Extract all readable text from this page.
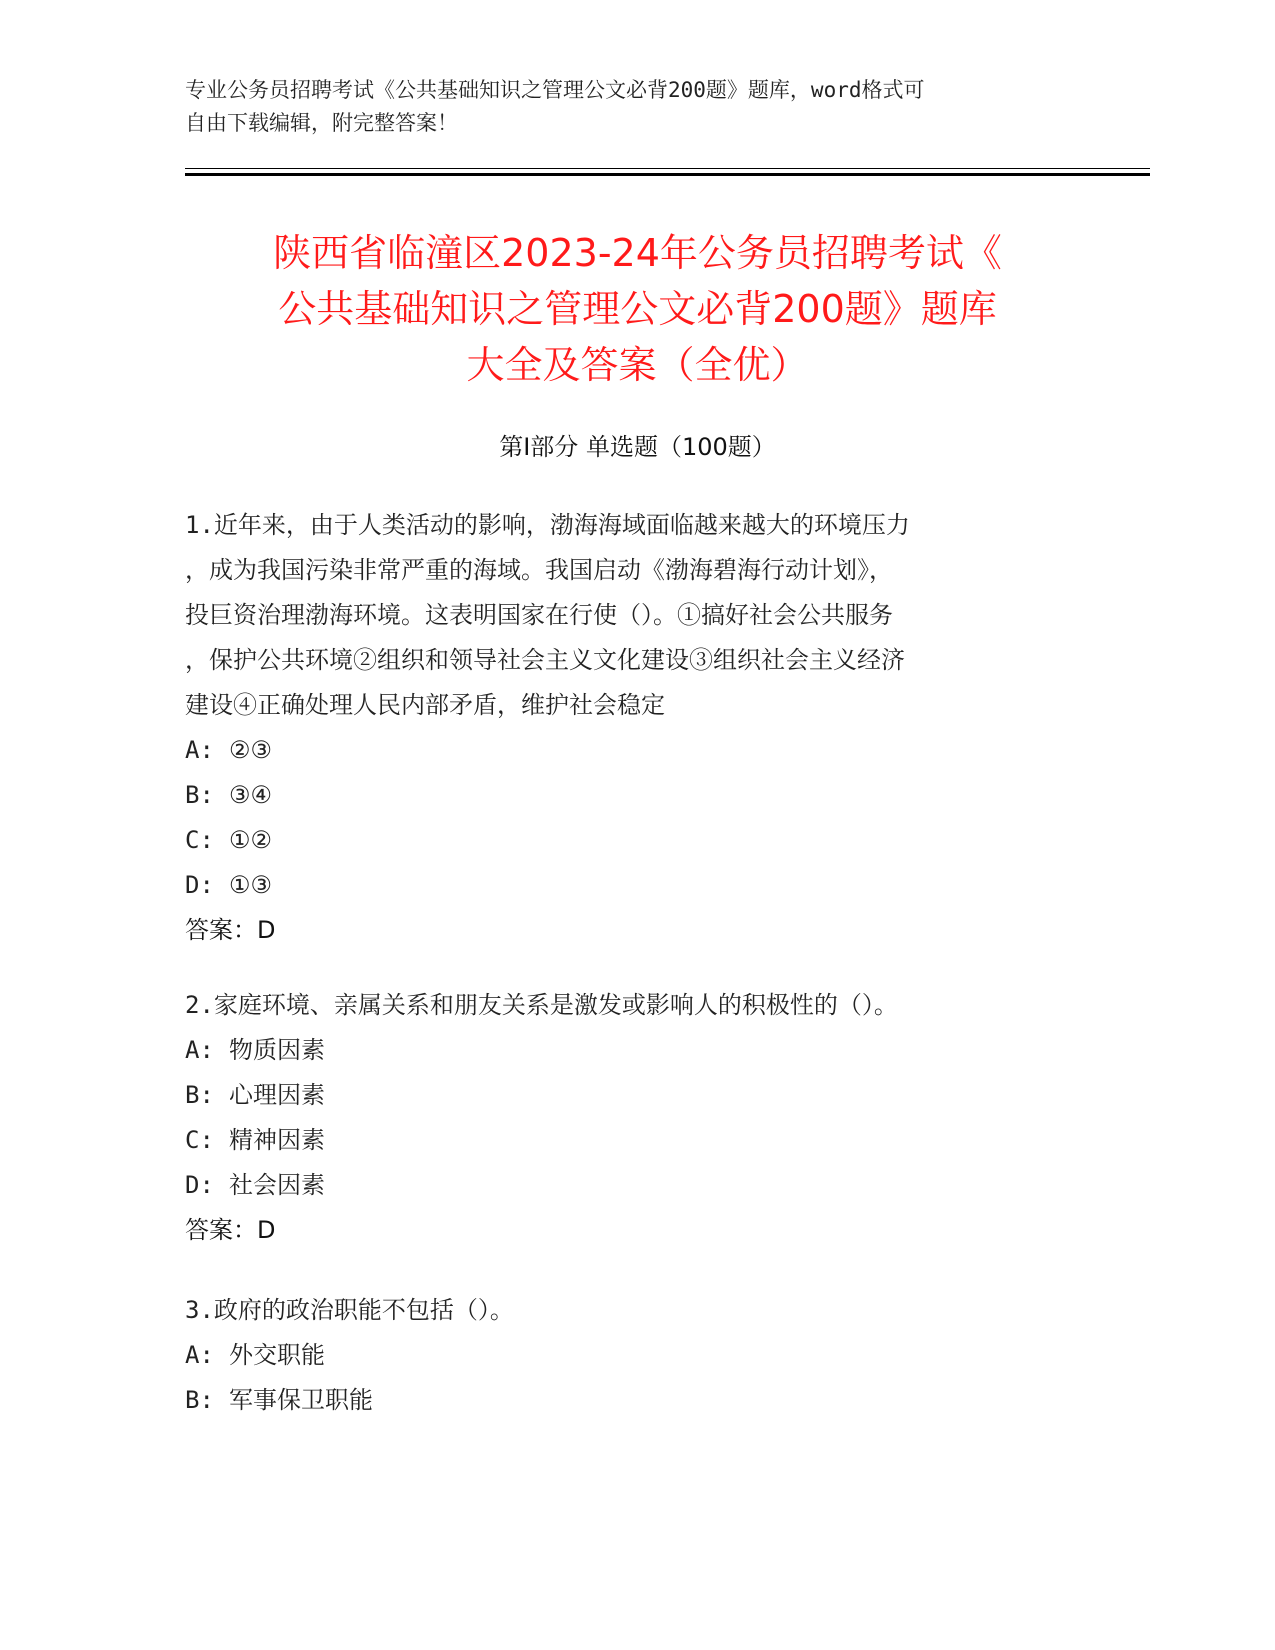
专业公务员招聘考试《公共基础知识之管理公文必背200题》题库，word格式可
自由下载编辑，附完整答案！
陕西省临潼区2023-24年公务员招聘考试《
公共基础知识之管理公文必背200题》题库
大全及答案（全优）
第Ⅰ部分 单选题（100题）
1.近年来，由于人类活动的影响，渤海海域面临越来越大的环境压力
，成为我国污染非常严重的海域。我国启动《渤海碧海行动计划》，
投巨资治理渤海环境。这表明国家在行使（）。①搞好社会公共服务
，保护公共环境②组织和领导社会主义文化建设③组织社会主义经济
建设④正确处理人民内部矛盾，维护社会稳定
A: ②③
B: ③④
C: ①②
D: ①③
答案：D
2.家庭环境、亲属关系和朋友关系是激发或影响人的积极性的（）。
A: 物质因素
B: 心理因素
C: 精神因素
D: 社会因素
答案：D
3.政府的政治职能不包括（）。
A: 外交职能
B: 军事保卫职能
